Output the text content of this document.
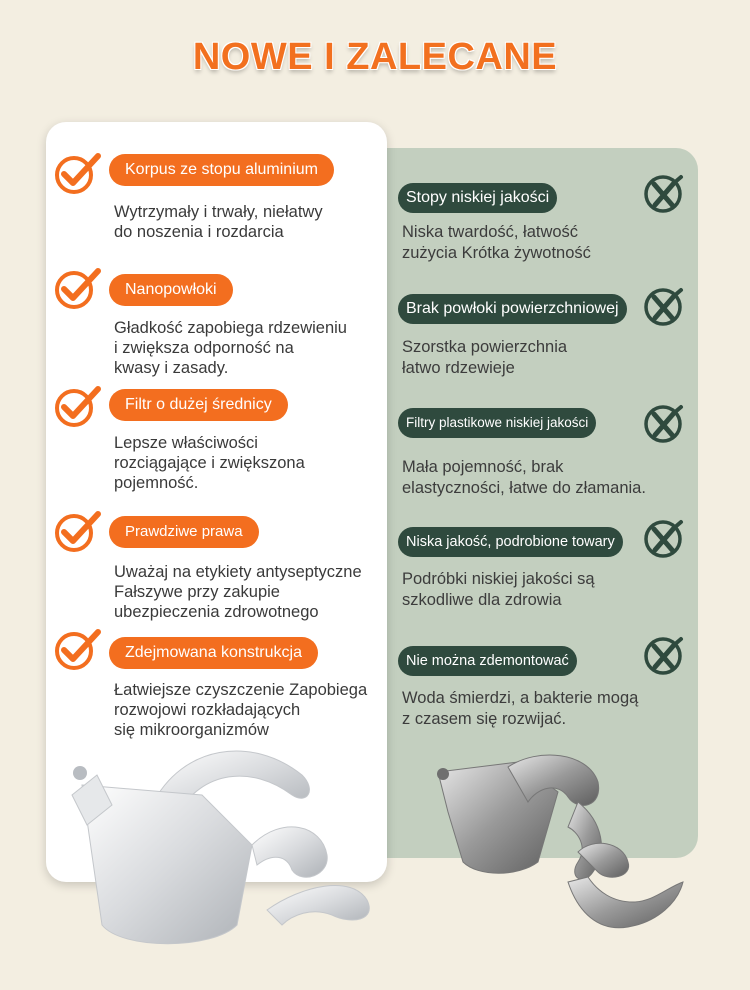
NOWE I ZALECANE
Korpus ze stopu aluminium
Wytrzymały i trwały, niełatwy
do noszenia i rozdarcia
Nanopowłoki
Gładkość zapobiega rdzewieniu
i zwiększa odporność na
kwasy i zasady.
Filtr o dużej średnicy
Lepsze właściwości
rozciągające i zwiększona
pojemność.
Prawdziwe prawa
Uważaj na etykiety antyseptyczne
Fałszywe przy zakupie
ubezpieczenia zdrowotnego
Zdejmowana konstrukcja
Łatwiejsze czyszczenie Zapobiega
rozwojowi rozkładających
się mikroorganizmów
Stopy niskiej jakości
Niska twardość, łatwość
zużycia Krótka żywotność
Brak powłoki powierzchniowej
Szorstka powierzchnia
łatwo rdzewieje
Filtry plastikowe niskiej jakości
Mała pojemność, brak
elastyczności, łatwe do złamania.
Niska jakość, podrobione towary
Podróbki niskiej jakości są
szkodliwe dla zdrowia
Nie można zdemontować
Woda śmierdzi, a bakterie mogą
z czasem się rozwijać.
